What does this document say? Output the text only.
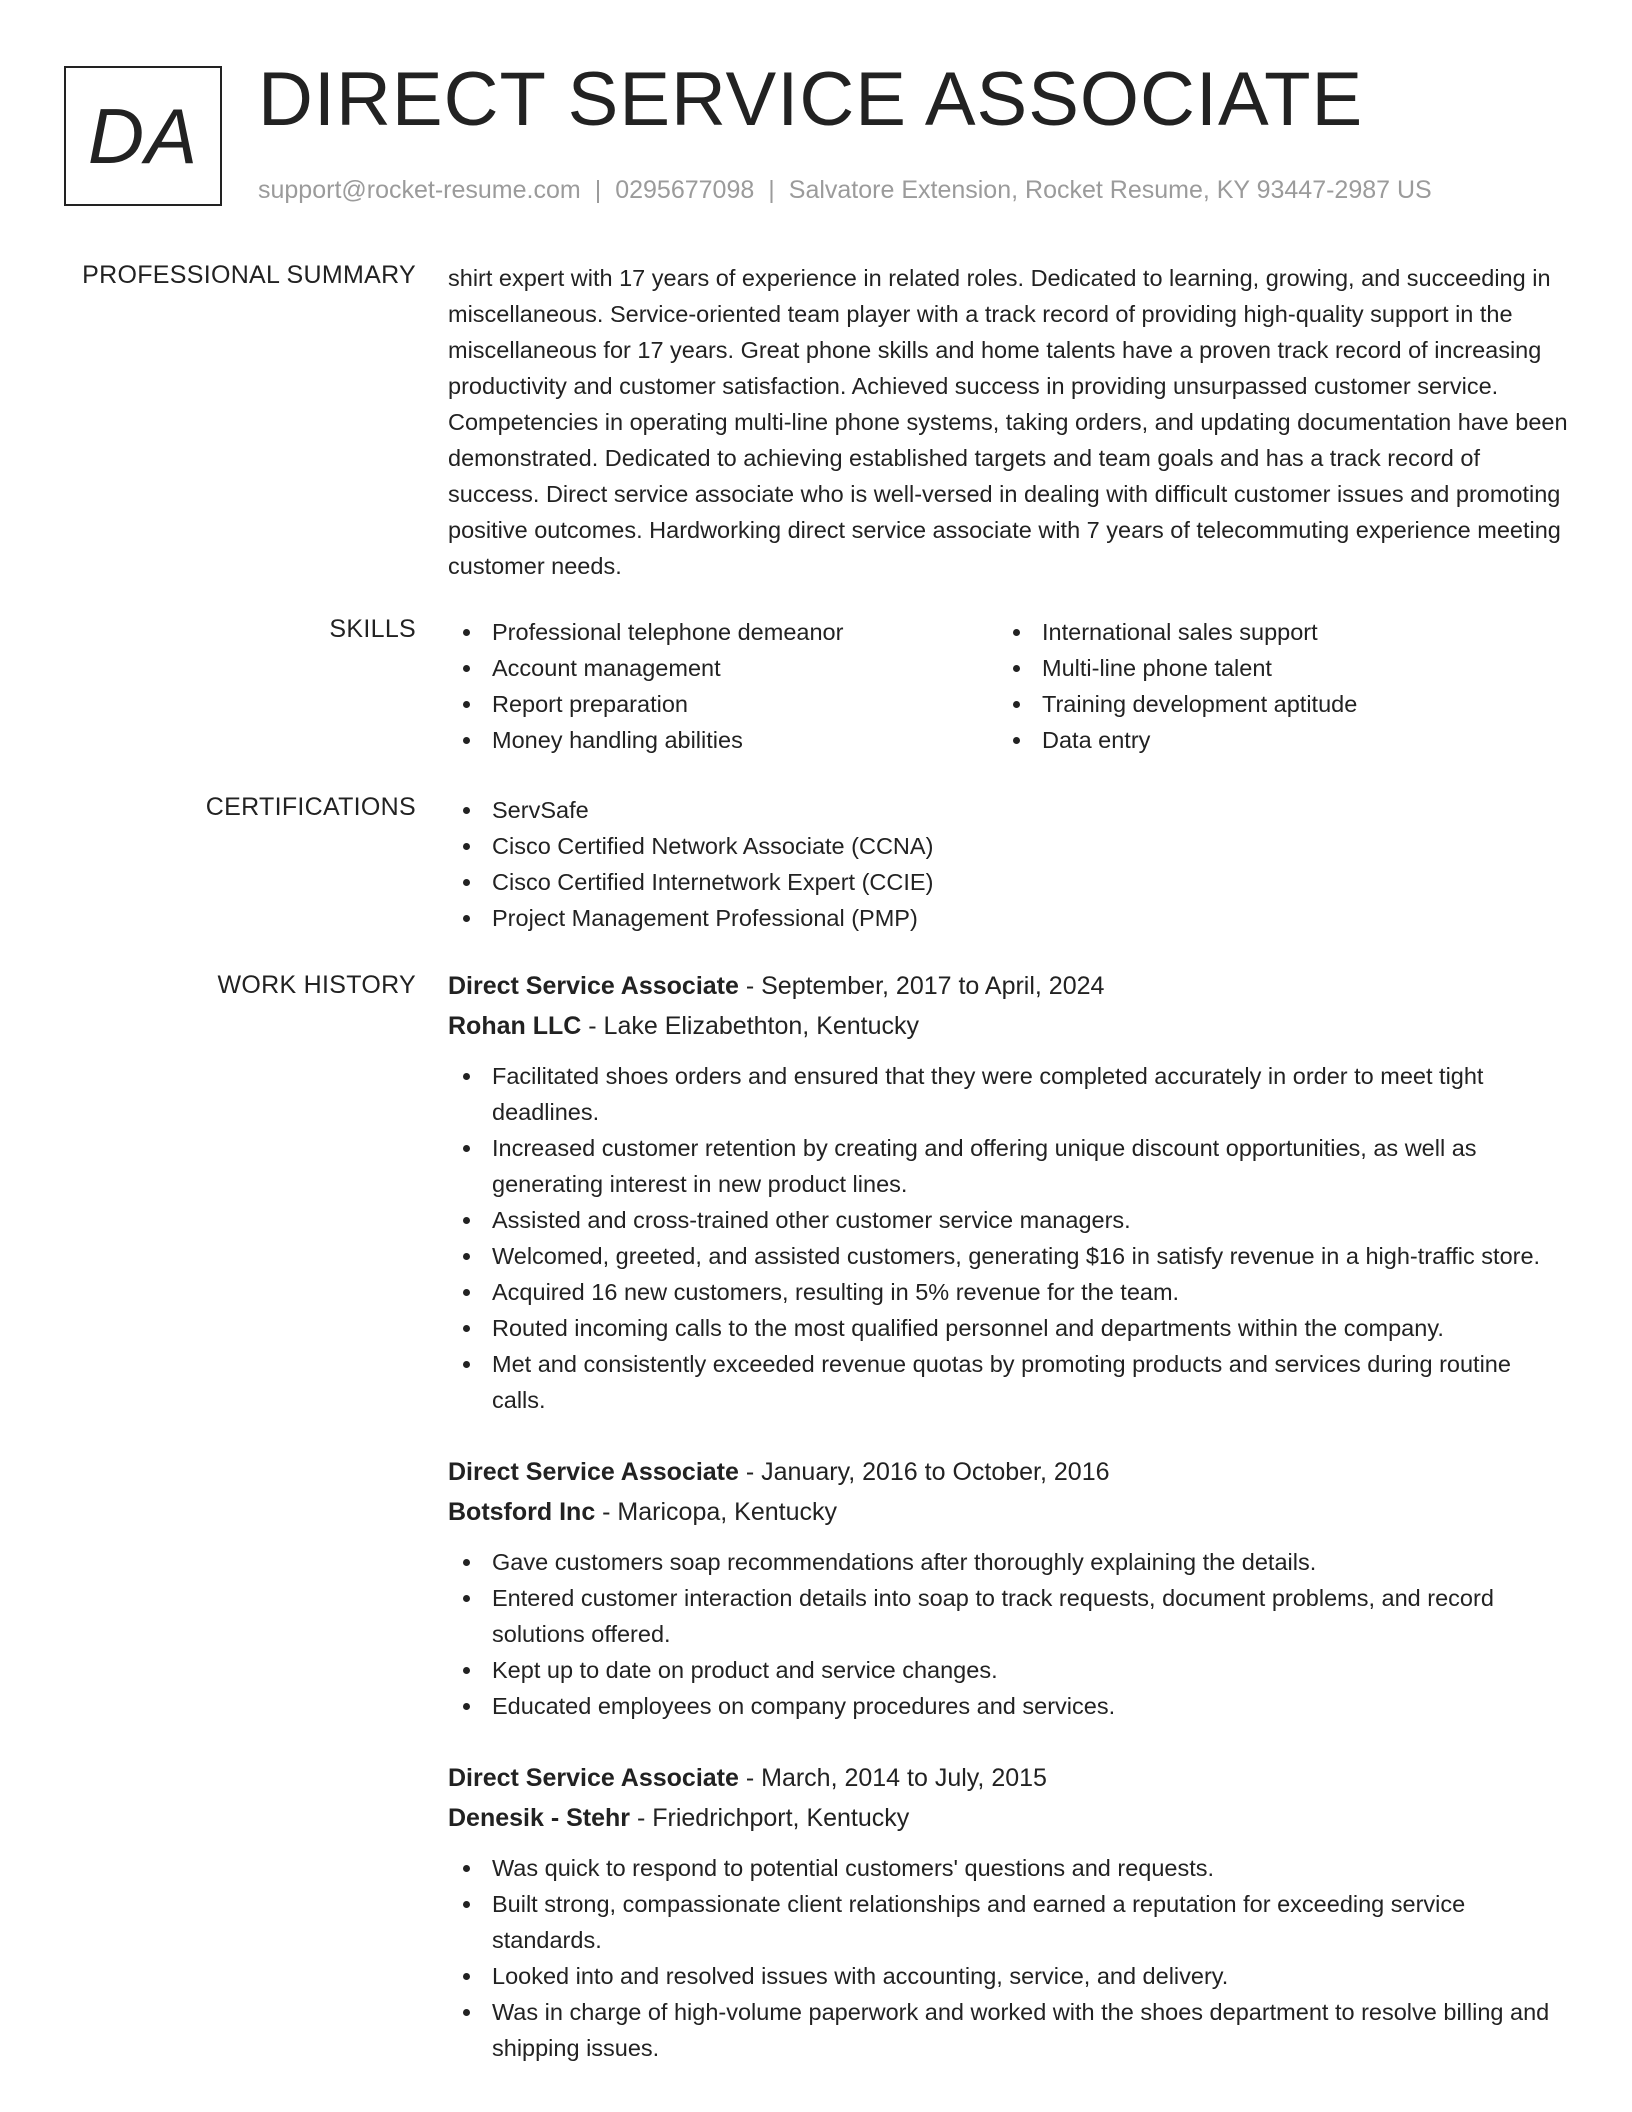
DA DIRECT SERVICE ASSOCIATE
support@rocket-resume.com | 0295677098 | Salvatore Extension, Rocket Resume, KY 93447-2987 US
PROFESSIONAL SUMMARY shirt expert with 17 years of experience in related roles. Dedicated to learning, growing, and succeeding in miscellaneous. Service-oriented team player with a track record of providing high-quality support in the miscellaneous for 17 years. Great phone skills and home talents have a proven track record of increasing productivity and customer satisfaction. Achieved success in providing unsurpassed customer service. Competencies in operating multi-line phone systems, taking orders, and updating documentation have been demonstrated. Dedicated to achieving established targets and team goals and has a track record of success. Direct service associate who is well-versed in dealing with difficult customer issues and promoting positive outcomes. Hardworking direct service associate with 7 years of telecommuting experience meeting customer needs.

SKILLS	Professional telephone demeanor
Account management
Report preparation
Money handling abilities
International sales support
Multi-line phone talent
Training development aptitude
Data entry
CERTIFICATIONS	ServSafe
Cisco Certified Network Associate (CCNA)
Cisco Certified Internetwork Expert (CCIE)
Project Management Professional (PMP)
WORK HISTORY Direct Service Associate - September, 2017 to April, 2024
Rohan LLC - Lake Elizabethton, Kentucky
Facilitated shoes orders and ensured that they were completed accurately in order to meet tight deadlines.
Increased customer retention by creating and offering unique discount opportunities, as well as generating interest in new product lines.
Assisted and cross-trained other customer service managers.
Welcomed, greeted, and assisted customers, generating $16 in satisfy revenue in a high-traffic store.
Acquired 16 new customers, resulting in 5% revenue for the team.
Routed incoming calls to the most qualified personnel and departments within the company.
Met and consistently exceeded revenue quotas by promoting products and services during routine calls.
Direct Service Associate - January, 2016 to October, 2016
Botsford Inc - Maricopa, Kentucky
Gave customers soap recommendations after thoroughly explaining the details.
Entered customer interaction details into soap to track requests, document problems, and record solutions offered.
Kept up to date on product and service changes.
Educated employees on company procedures and services.
Direct Service Associate - March, 2014 to July, 2015
Denesik - Stehr - Friedrichport, Kentucky
Was quick to respond to potential customers' questions and requests.
Built strong, compassionate client relationships and earned a reputation for exceeding service standards.
Looked into and resolved issues with accounting, service, and delivery.
Was in charge of high-volume paperwork and worked with the shoes department to resolve billing and shipping issues.
